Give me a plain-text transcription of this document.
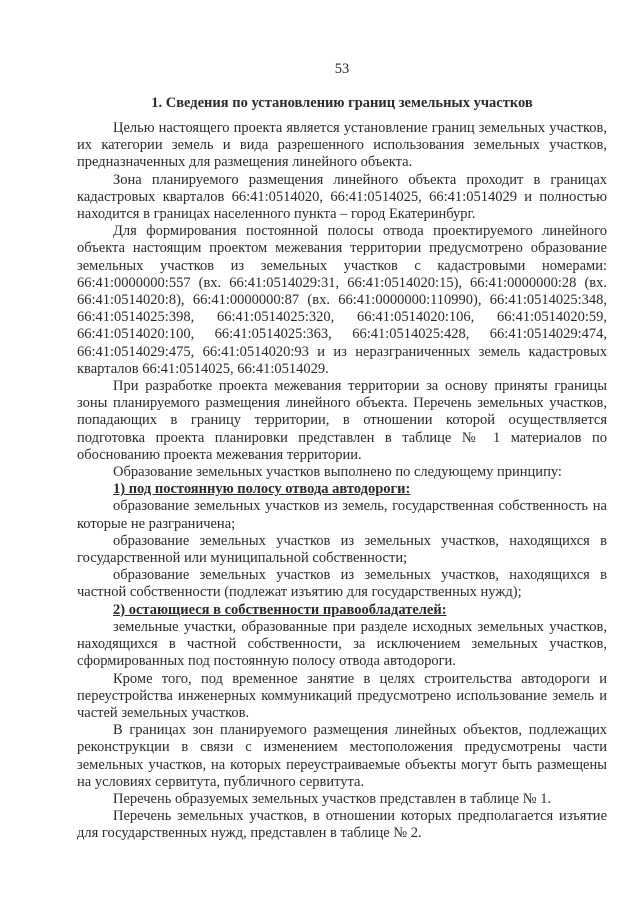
53
1. Сведения по установлению границ земельных участков

Целью настоящего проекта является установление границ земельных участков, их категории земель и вида разрешенного использования земельных участков, предназначенных для размещения линейного объекта.

Зона планируемого размещения линейного объекта проходит в границах кадастровых кварталов 66:41:0514020, 66:41:0514025, 66:41:0514029 и полностью находится в границах населенного пункта – город Екатеринбург.

Для формирования постоянной полосы отвода проектируемого линейного объекта настоящим проектом межевания территории предусмотрено образование земельных участков из земельных участков с кадастровыми номерами: 66:41:0000000:557 (вх. 66:41:0514029:31, 66:41:0514020:15), 66:41:0000000:28 (вх. 66:41:0514020:8), 66:41:0000000:87 (вх. 66:41:0000000:110990), 66:41:0514025:348, 66:41:0514025:398, 66:41:0514025:320, 66:41:0514020:106, 66:41:0514020:59, 66:41:0514020:100, 66:41:0514025:363, 66:41:0514025:428, 66:41:0514029:474, 66:41:0514029:475, 66:41:0514020:93 и из неразграниченных земель кадастровых кварталов 66:41:0514025, 66:41:0514029.

При разработке проекта межевания территории за основу приняты границы зоны планируемого размещения линейного объекта. Перечень земельных участков, попадающих в границу территории, в отношении которой осуществляется подготовка проекта планировки представлен в таблице № 1 материалов по обоснованию проекта межевания территории.

Образование земельных участков выполнено по следующему принципу:

1) под постоянную полосу отвода автодороги:

образование земельных участков из земель, государственная собственность на которые не разграничена;

образование земельных участков из земельных участков, находящихся в государственной или муниципальной собственности;

образование земельных участков из земельных участков, находящихся в частной собственности (подлежат изъятию для государственных нужд);

2) остающиеся в собственности правообладателей:

земельные участки, образованные при разделе исходных земельных участков, находящихся в частной собственности, за исключением земельных участков, сформированных под постоянную полосу отвода автодороги.

Кроме того, под временное занятие в целях строительства автодороги и переустройства инженерных коммуникаций предусмотрено использование земель и частей земельных участков.

В границах зон планируемого размещения линейных объектов, подлежащих реконструкции в связи с изменением местоположения предусмотрены части земельных участков, на которых переустраиваемые объекты могут быть размещены на условиях сервитута, публичного сервитута.

Перечень образуемых земельных участков представлен в таблице № 1.

Перечень земельных участков, в отношении которых предполагается изъятие для государственных нужд, представлен в таблице № 2.
